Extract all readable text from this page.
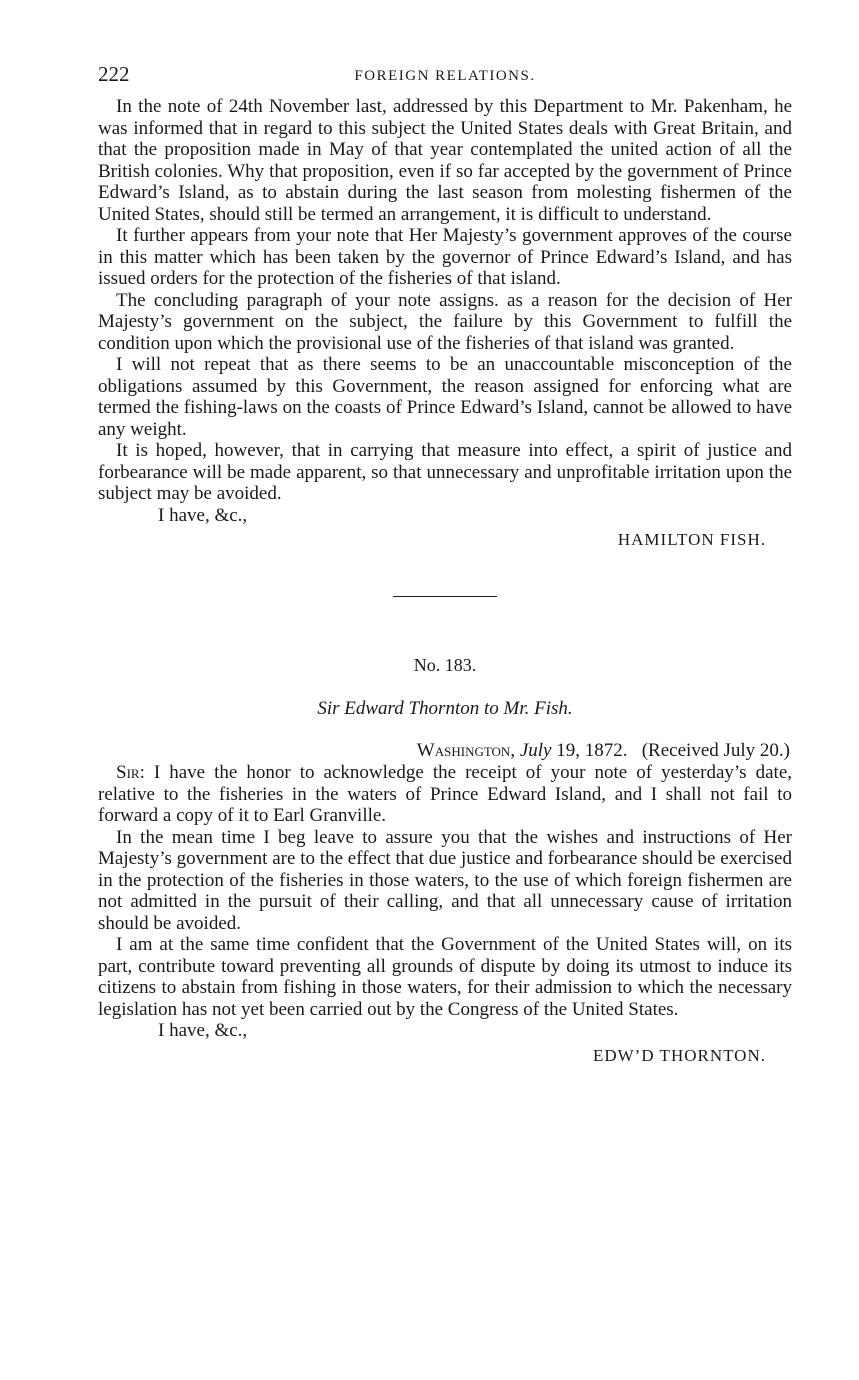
222	FOREIGN RELATIONS.

In the note of 24th November last, addressed by this Department to Mr. Pakenham, he was informed that in regard to this subject the United States deals with Great Britain, and that the proposition made in May of that year contemplated the united action of all the British colonies. Why that proposition, even if so far accepted by the government of Prince Edward’s Island, as to abstain during the last season from molesting fishermen of the United States, should still be termed an arrangement, it is difficult to understand.

It further appears from your note that Her Majesty’s government approves of the course in this matter which has been taken by the governor of Prince Edward’s Island, and has issued orders for the protection of the fisheries of that island.

The concluding paragraph of your note assigns. as a reason for the decision of Her Majesty’s government on the subject, the failure by this Government to fulfill the condition upon which the provisional use of the fisheries of that island was granted.

I will not repeat that as there seems to be an unaccountable misconception of the obligations assumed by this Government, the reason assigned for enforcing what are termed the fishing-laws on the coasts of Prince Edward’s Island, cannot be allowed to have any weight.

It is hoped, however, that in carrying that measure into effect, a spirit of justice and forbearance will be made apparent, so that unnecessary and unprofitable irritation upon the subject may be avoided.

I have, &c.,

HAMILTON FISH.

No. 183.

Sir Edward Thornton to Mr. Fish.

Washington, July 19, 1872. (Received July 20.)

Sir: I have the honor to acknowledge the receipt of your note of yesterday’s date, relative to the fisheries in the waters of Prince Edward Island, and I shall not fail to forward a copy of it to Earl Granville.

In the mean time I beg leave to assure you that the wishes and instructions of Her Majesty’s government are to the effect that due justice and forbearance should be exercised in the protection of the fisheries in those waters, to the use of which foreign fishermen are not admitted in the pursuit of their calling, and that all unnecessary cause of irritation should be avoided.

I am at the same time confident that the Government of the United States will, on its part, contribute toward preventing all grounds of dispute by doing its utmost to induce its citizens to abstain from fishing in those waters, for their admission to which the necessary legislation has not yet been carried out by the Congress of the United States.

I have, &c.,

EDW’D THORNTON.
